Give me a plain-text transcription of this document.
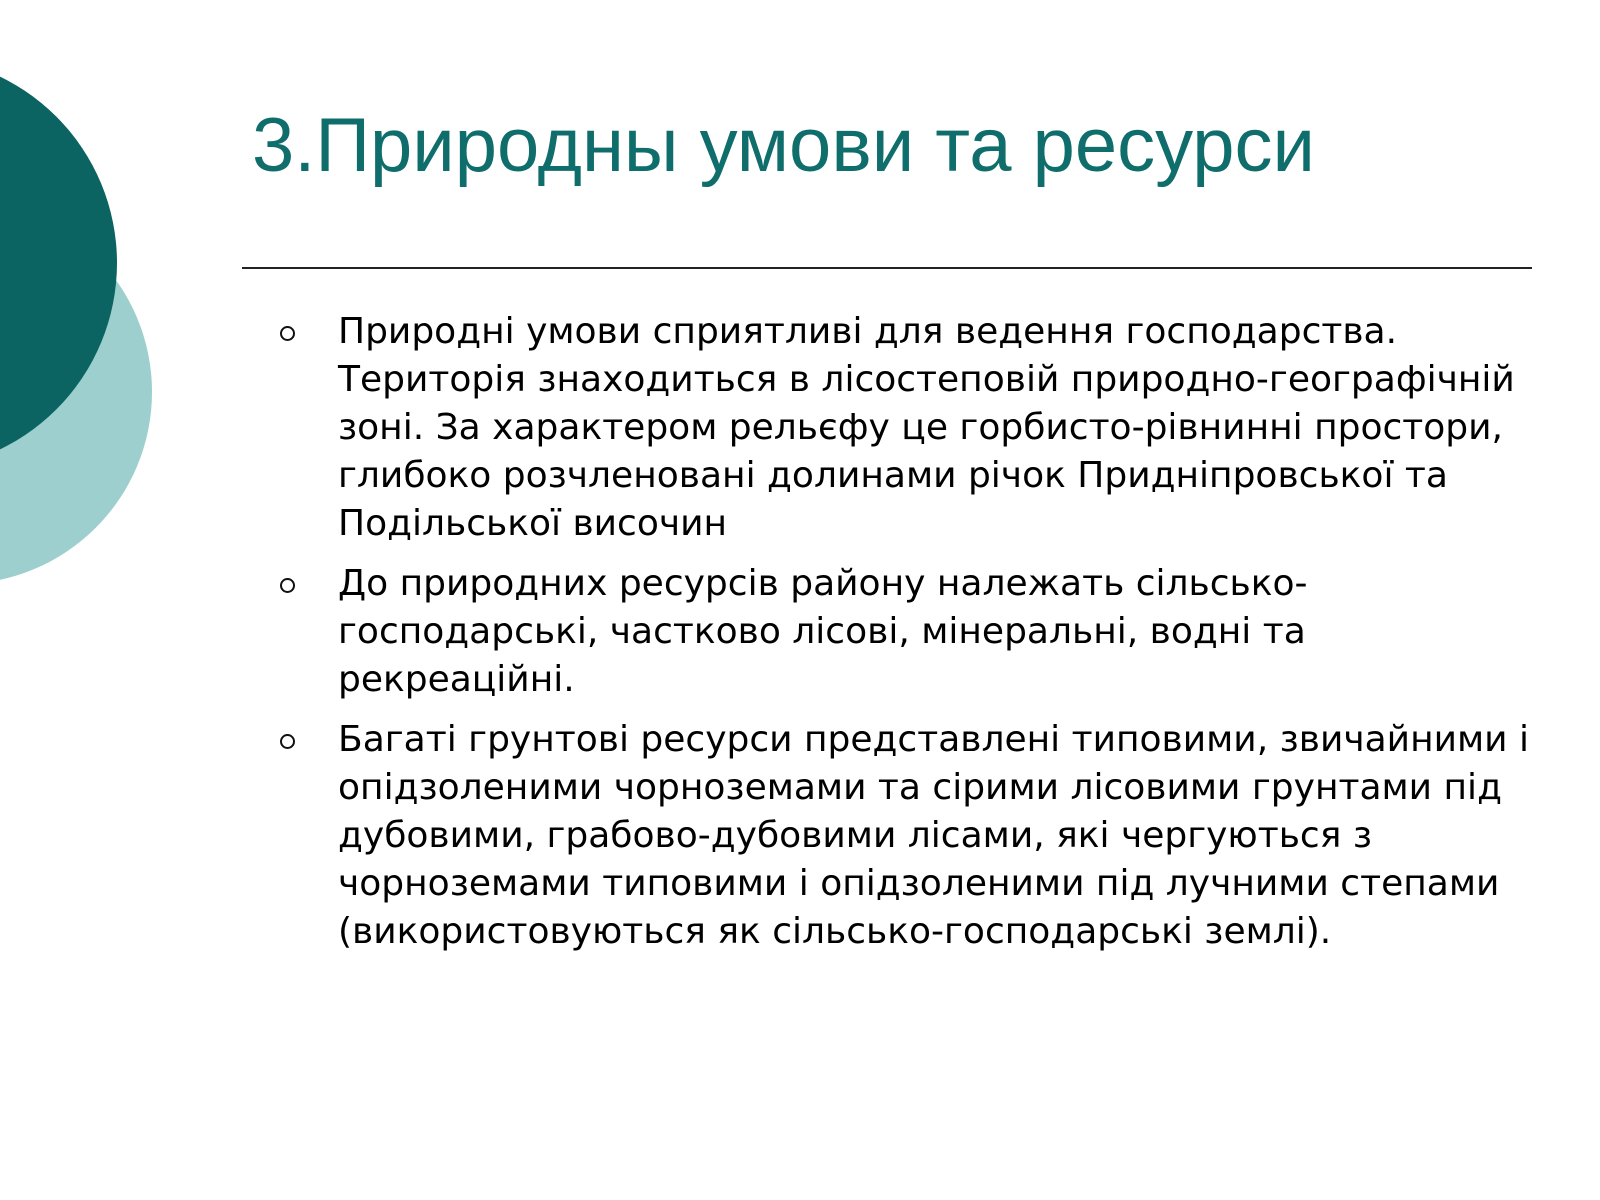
3.Природны умови та ресурси
Природні умови сприятливі для ведення господарства. Територія знаходиться в лісостеповій природно-географічній зоні. За характером рельєфу це горбисто-рівнинні простори, глибоко розчленовані долинами річок Придніпровської та Подільської височин
До природних ресурсів району належать сільсько-господарські, частково лісові, мінеральні, водні та рекреаційні.
Багаті грунтові ресурси представлені типовими, звичайними і опідзоленими чорноземами та сірими лісовими грунтами під дубовими, грабово-дубовими лісами, які чергуються з чорноземами типовими і опідзоленими під лучними степами (використовуються як сільсько-господарські землі).
